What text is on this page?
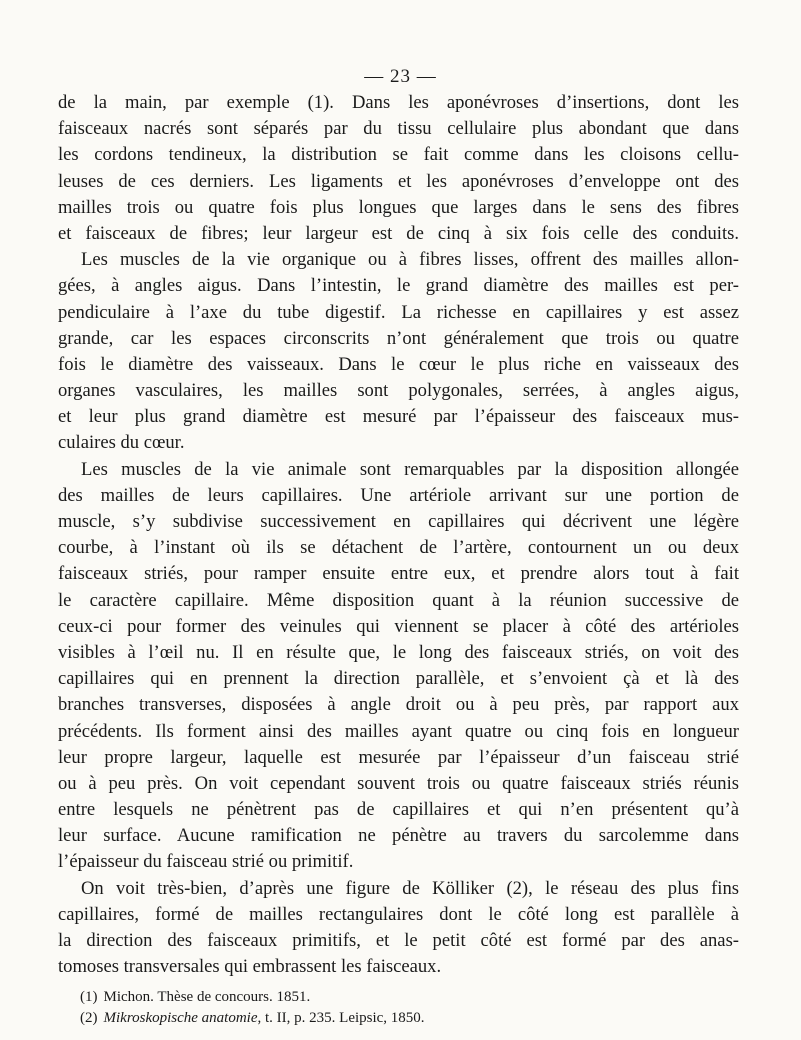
— 23 —
de la main, par exemple (1). Dans les aponévroses d’insertions, dont les
faisceaux nacrés sont séparés par du tissu cellulaire plus abondant que dans
les cordons tendineux, la distribution se fait comme dans les cloisons cellu-
leuses de ces derniers. Les ligaments et les aponévroses d’enveloppe ont des
mailles trois ou quatre fois plus longues que larges dans le sens des fibres
et faisceaux de fibres; leur largeur est de cinq à six fois celle des conduits.
Les muscles de la vie organique ou à fibres lisses, offrent des mailles allon-
gées, à angles aigus. Dans l’intestin, le grand diamètre des mailles est per-
pendiculaire à l’axe du tube digestif. La richesse en capillaires y est assez
grande, car les espaces circonscrits n’ont généralement que trois ou quatre
fois le diamètre des vaisseaux. Dans le cœur le plus riche en vaisseaux des
organes vasculaires, les mailles sont polygonales, serrées, à angles aigus,
et leur plus grand diamètre est mesuré par l’épaisseur des faisceaux mus-
culaires du cœur.
Les muscles de la vie animale sont remarquables par la disposition allongée
des mailles de leurs capillaires. Une artériole arrivant sur une portion de
muscle, s’y subdivise successivement en capillaires qui décrivent une légère
courbe, à l’instant où ils se détachent de l’artère, contournent un ou deux
faisceaux striés, pour ramper ensuite entre eux, et prendre alors tout à fait
le caractère capillaire. Même disposition quant à la réunion successive de
ceux-ci pour former des veinules qui viennent se placer à côté des artérioles
visibles à l’œil nu. Il en résulte que, le long des faisceaux striés, on voit des
capillaires qui en prennent la direction parallèle, et s’envoient çà et là des
branches transverses, disposées à angle droit ou à peu près, par rapport aux
précédents. Ils forment ainsi des mailles ayant quatre ou cinq fois en longueur
leur propre largeur, laquelle est mesurée par l’épaisseur d’un faisceau strié
ou à peu près. On voit cependant souvent trois ou quatre faisceaux striés réunis
entre lesquels ne pénètrent pas de capillaires et qui n’en présentent qu’à
leur surface. Aucune ramification ne pénètre au travers du sarcolemme dans
l’épaisseur du faisceau strié ou primitif.
On voit très-bien, d’après une figure de Kölliker (2), le réseau des plus fins
capillaires, formé de mailles rectangulaires dont le côté long est parallèle à
la direction des faisceaux primitifs, et le petit côté est formé par des anas-
tomoses transversales qui embrassent les faisceaux.
(1) Michon. Thèse de concours. 1851.
(2) Mikroskopische anatomie, t. II, p. 235. Leipsic, 1850.
